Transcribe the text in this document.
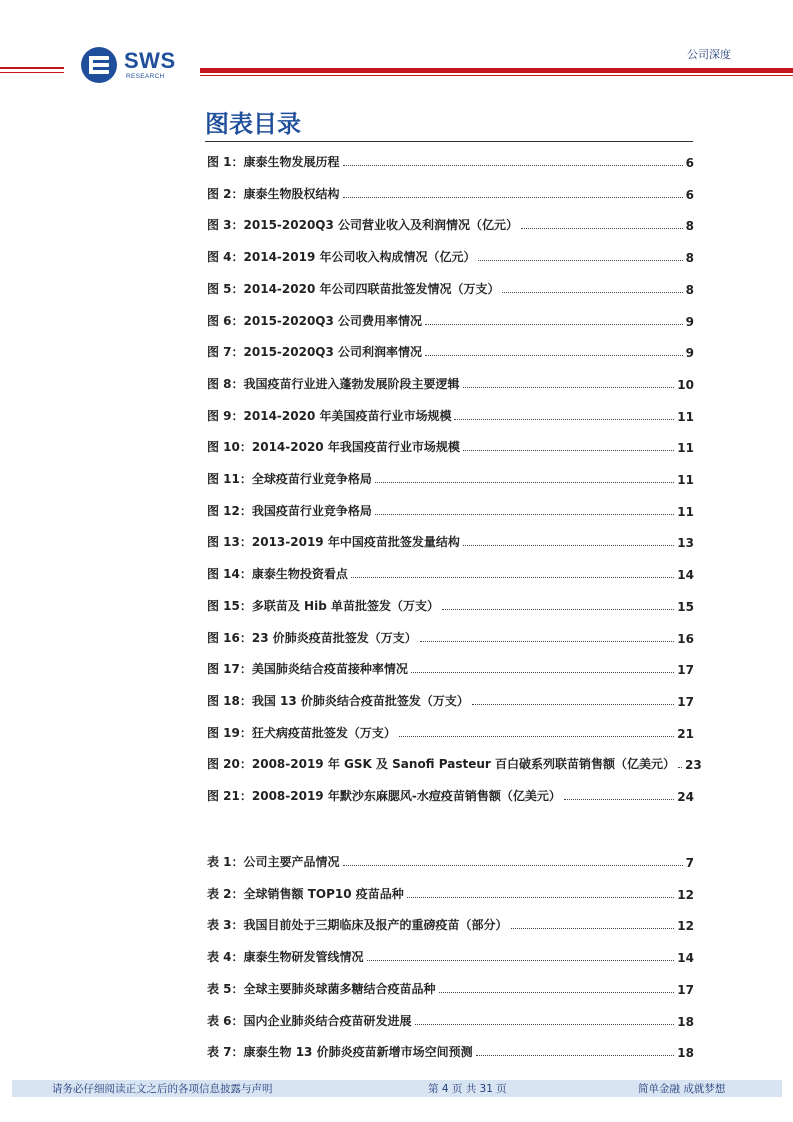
SWS
RESEARCH
公司深度
图表目录
图 1：康泰生物发展历程	6
图 2：康泰生物股权结构	6
图 3：2015-2020Q3 公司营业收入及利润情况（亿元）	8
图 4：2014-2019 年公司收入构成情况（亿元）	8
图 5：2014-2020 年公司四联苗批签发情况（万支）	8
图 6：2015-2020Q3 公司费用率情况	9
图 7：2015-2020Q3 公司利润率情况	9
图 8：我国疫苗行业进入蓬勃发展阶段主要逻辑	10
图 9：2014-2020 年美国疫苗行业市场规模	11
图 10：2014-2020 年我国疫苗行业市场规模	11
图 11：全球疫苗行业竞争格局	11
图 12：我国疫苗行业竞争格局	11
图 13：2013-2019 年中国疫苗批签发量结构	13
图 14：康泰生物投资看点	14
图 15：多联苗及 Hib 单苗批签发（万支）	15
图 16：23 价肺炎疫苗批签发（万支）	16
图 17：美国肺炎结合疫苗接种率情况	17
图 18：我国 13 价肺炎结合疫苗批签发（万支）	17
图 19：狂犬病疫苗批签发（万支）	21
图 20：2008-2019 年 GSK 及 Sanofi Pasteur 百白破系列联苗销售额（亿美元） 23
图 21：2008-2019 年默沙东麻腮风-水痘疫苗销售额（亿美元）	24
表 1：公司主要产品情况	7
表 2：全球销售额 TOP10 疫苗品种	12
表 3：我国目前处于三期临床及报产的重磅疫苗（部分）	12
表 4：康泰生物研发管线情况	14
表 5：全球主要肺炎球菌多糖结合疫苗品种	17
表 6：国内企业肺炎结合疫苗研发进展	18
表 7：康泰生物 13 价肺炎疫苗新增市场空间预测	18
请务必仔细阅读正文之后的各项信息披露与声明	第 4 页 共 31 页	简单金融 成就梦想
